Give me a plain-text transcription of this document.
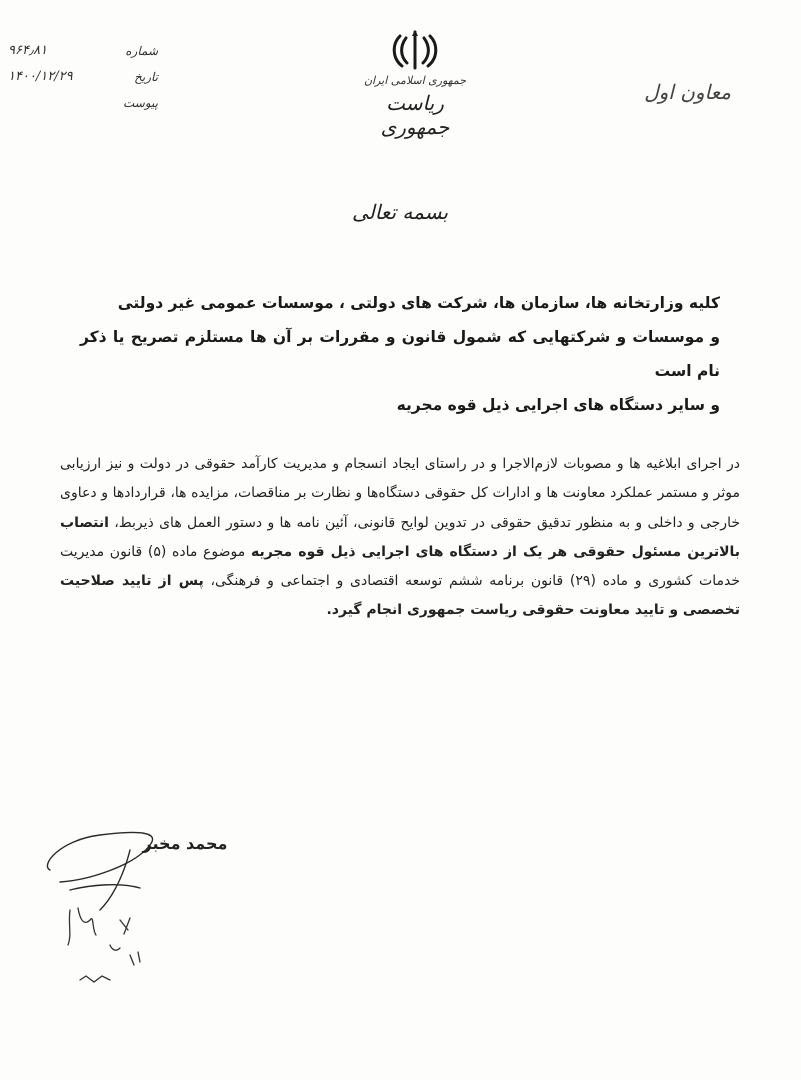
شماره
۹۶۴٫۸۱
تاریخ
۱۴۰۰/۱۲/۲۹
پیوست
جمهوری اسلامی ایران
ریاست جمهوری
معاون اول
بسمه تعالی
کلیه وزارتخانه ها، سازمان ها، شرکت های دولتی ، موسسات عمومی غیر دولتی
و موسسات و شرکتهایی که شمول قانون و مقررات بر آن ها مستلزم تصریح یا ذکر نام است
و سایر دستگاه های اجرایی ذیل قوه مجریه
در اجرای ابلاغیه ها و مصوبات لازم‌الاجرا و در راستای ایجاد انسجام و مدیریت کارآمد حقوقی در دولت و نیز ارزیابی موثر و مستمر عملکرد معاونت ها و ادارات کل حقوقی دستگاه‌ها و نظارت بر مناقصات، مزایده ها، قراردادها و دعاوی خارجی و داخلی و به منظور تدقیق حقوقی در تدوین لوایح قانونی، آئین نامه ها و دستور العمل های ذیربط، انتصاب بالاترین مسئول حقوقی هر یک از دستگاه های اجرایی ذیل قوه مجریه موضوع ماده (۵) قانون مدیریت خدمات کشوری و ماده (۲۹) قانون برنامه ششم توسعه اقتصادی و اجتماعی و فرهنگی، پس از تایید صلاحیت تخصصی و تایید معاونت حقوقی ریاست جمهوری انجام گیرد.
محمد مخبر
